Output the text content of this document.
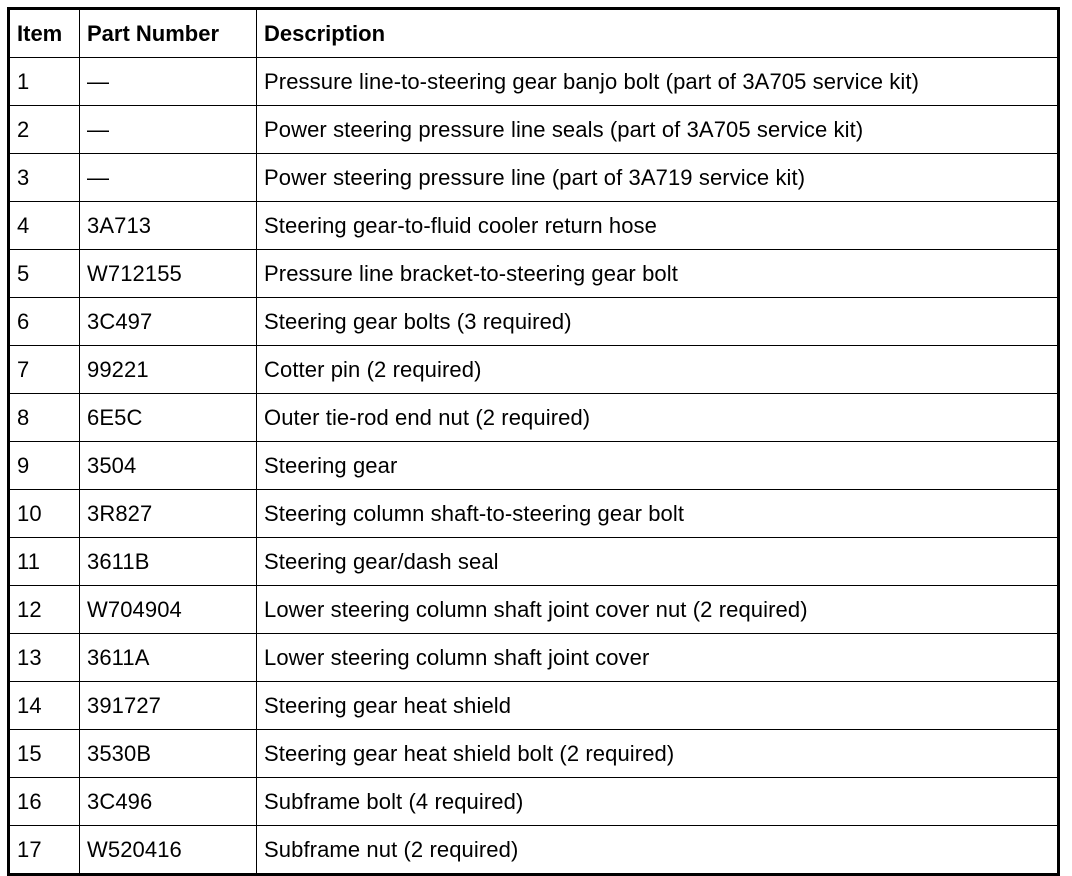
Item	Part Number	Description
1	—	Pressure line-to-steering gear banjo bolt (part of 3A705 service kit)
2	—	Power steering pressure line seals (part of 3A705 service kit)
3	—	Power steering pressure line (part of 3A719 service kit)
4	3A713	Steering gear-to-fluid cooler return hose
5	W712155	Pressure line bracket-to-steering gear bolt
6	3C497	Steering gear bolts (3 required)
7	99221	Cotter pin (2 required)
8	6E5C	Outer tie-rod end nut (2 required)
9	3504	Steering gear
10	3R827	Steering column shaft-to-steering gear bolt
11	3611B	Steering gear/dash seal
12	W704904	Lower steering column shaft joint cover nut (2 required)
13	3611A	Lower steering column shaft joint cover
14	391727	Steering gear heat shield
15	3530B	Steering gear heat shield bolt (2 required)
16	3C496	Subframe bolt (4 required)
17	W520416	Subframe nut (2 required)
